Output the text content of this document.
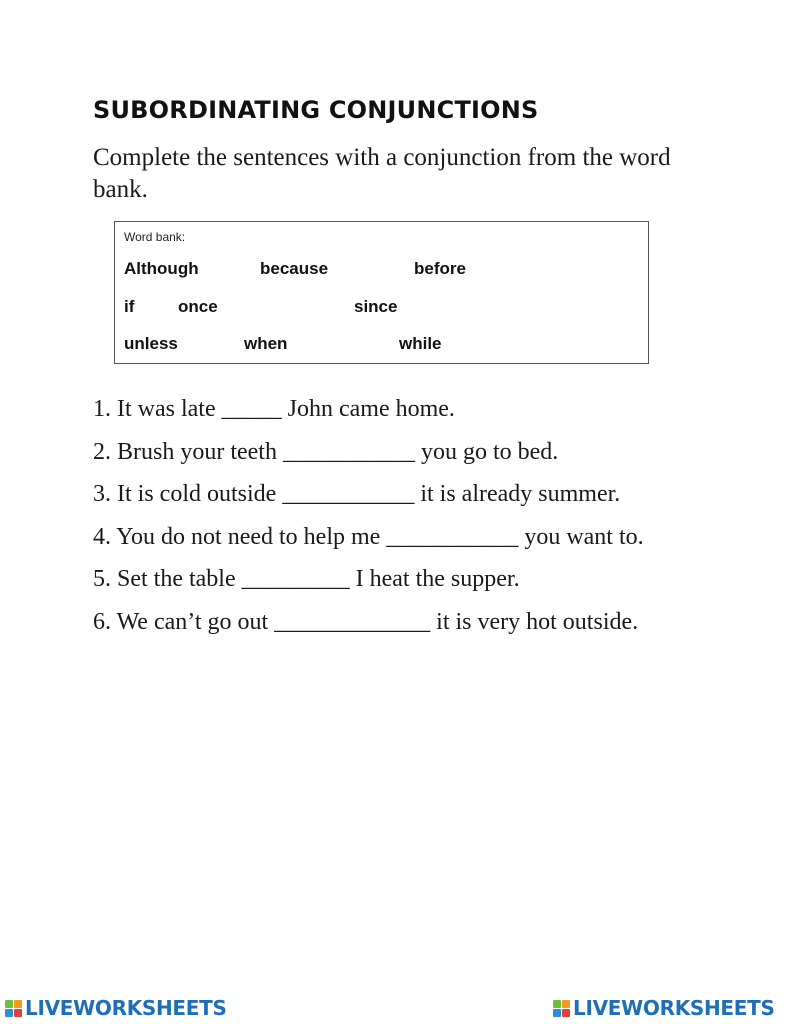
SUBORDINATING CONJUNCTIONS
Complete the sentences with a conjunction from the word bank.
Word bank:
Although	because	before
if	once	since
unless	when	while
1. It was late _____ John came home.
2. Brush your teeth ___________ you go to bed.
3. It is cold outside ___________ it is already summer.
4. You do not need to help me ___________ you want to.
5. Set the table _________ I heat the supper.
6. We can’t go out _____________ it is very hot outside.
LIVEWORKSHEETS	LIVEWORKSHEETS
